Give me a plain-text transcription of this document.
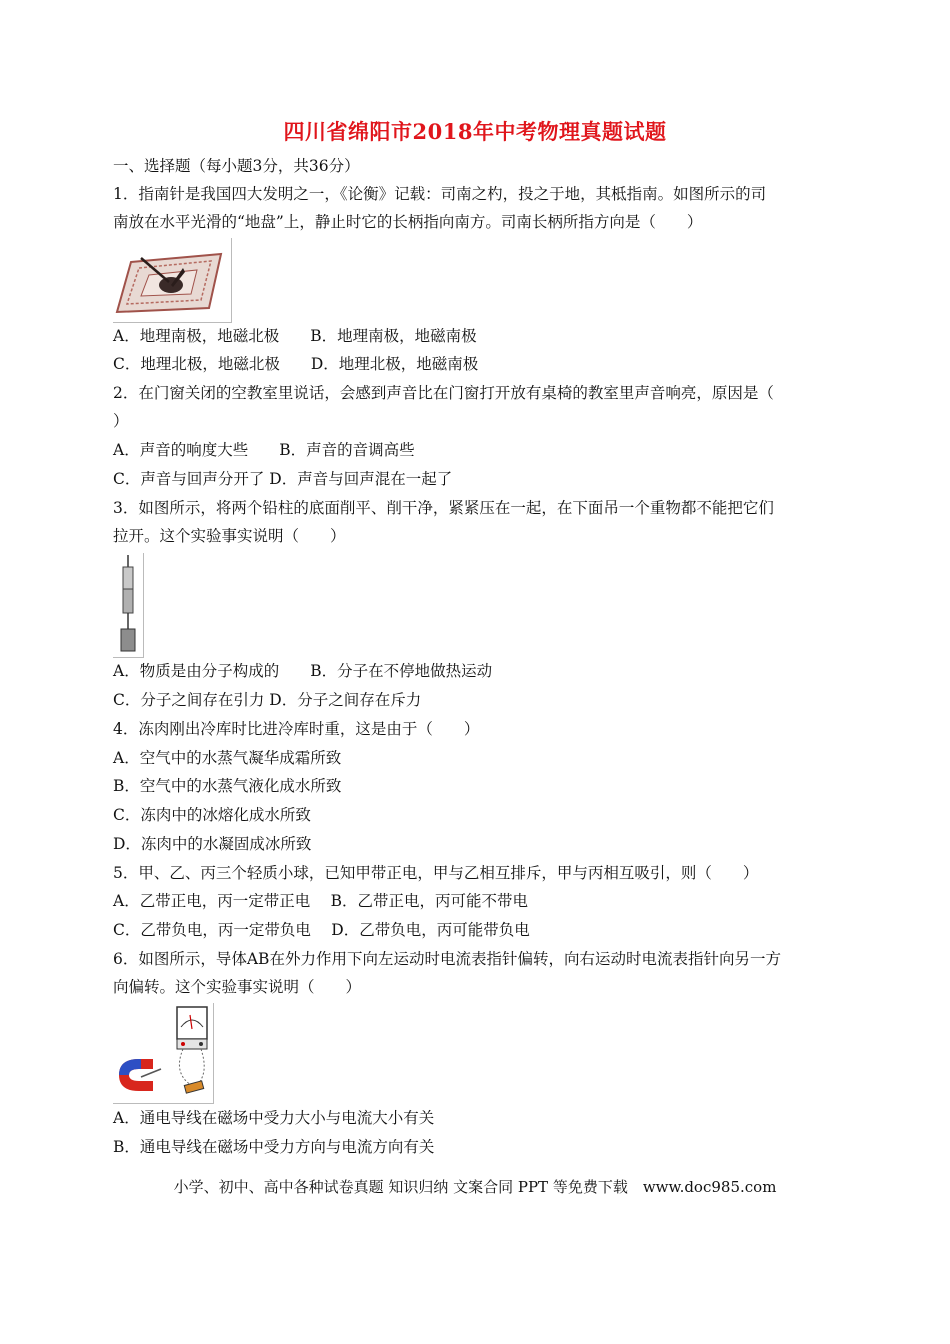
四川省绵阳市2018年中考物理真题试题
一、选择题（每小题3分，共36分）
1．指南针是我国四大发明之一，《论衡》记载：司南之杓，投之于地，其柢指南。如图所示的司
南放在水平光滑的“地盘”上，静止时它的长柄指向南方。司南长柄所指方向是（　　）
A．地理南极，地磁北极　　B．地理南极，地磁南极
C．地理北极，地磁北极　　D．地理北极，地磁南极
2．在门窗关闭的空教室里说话，会感到声音比在门窗打开放有桌椅的教室里声音响亮，原因是（
）
A．声音的响度大些　　B．声音的音调高些
C．声音与回声分开了 D．声音与回声混在一起了
3．如图所示，将两个铅柱的底面削平、削干净，紧紧压在一起，在下面吊一个重物都不能把它们
拉开。这个实验事实说明（　　）
A．物质是由分子构成的　　B．分子在不停地做热运动
C．分子之间存在引力 D．分子之间存在斥力
4．冻肉刚出冷库时比进冷库时重，这是由于（　　）
A．空气中的水蒸气凝华成霜所致
B．空气中的水蒸气液化成水所致
C．冻肉中的冰熔化成水所致
D．冻肉中的水凝固成冰所致
5．甲、乙、丙三个轻质小球，已知甲带正电，甲与乙相互排斥，甲与丙相互吸引，则（　　）
A．乙带正电，丙一定带正电　 B．乙带正电，丙可能不带电
C．乙带负电，丙一定带负电　 D．乙带负电，丙可能带负电
6．如图所示，导体AB在外力作用下向左运动时电流表指针偏转，向右运动时电流表指针向另一方
向偏转。这个实验事实说明（　　）
A．通电导线在磁场中受力大小与电流大小有关
B．通电导线在磁场中受力方向与电流方向有关
小学、初中、高中各种试卷真题 知识归纳 文案合同 PPT 等免费下载　www.doc985.com
